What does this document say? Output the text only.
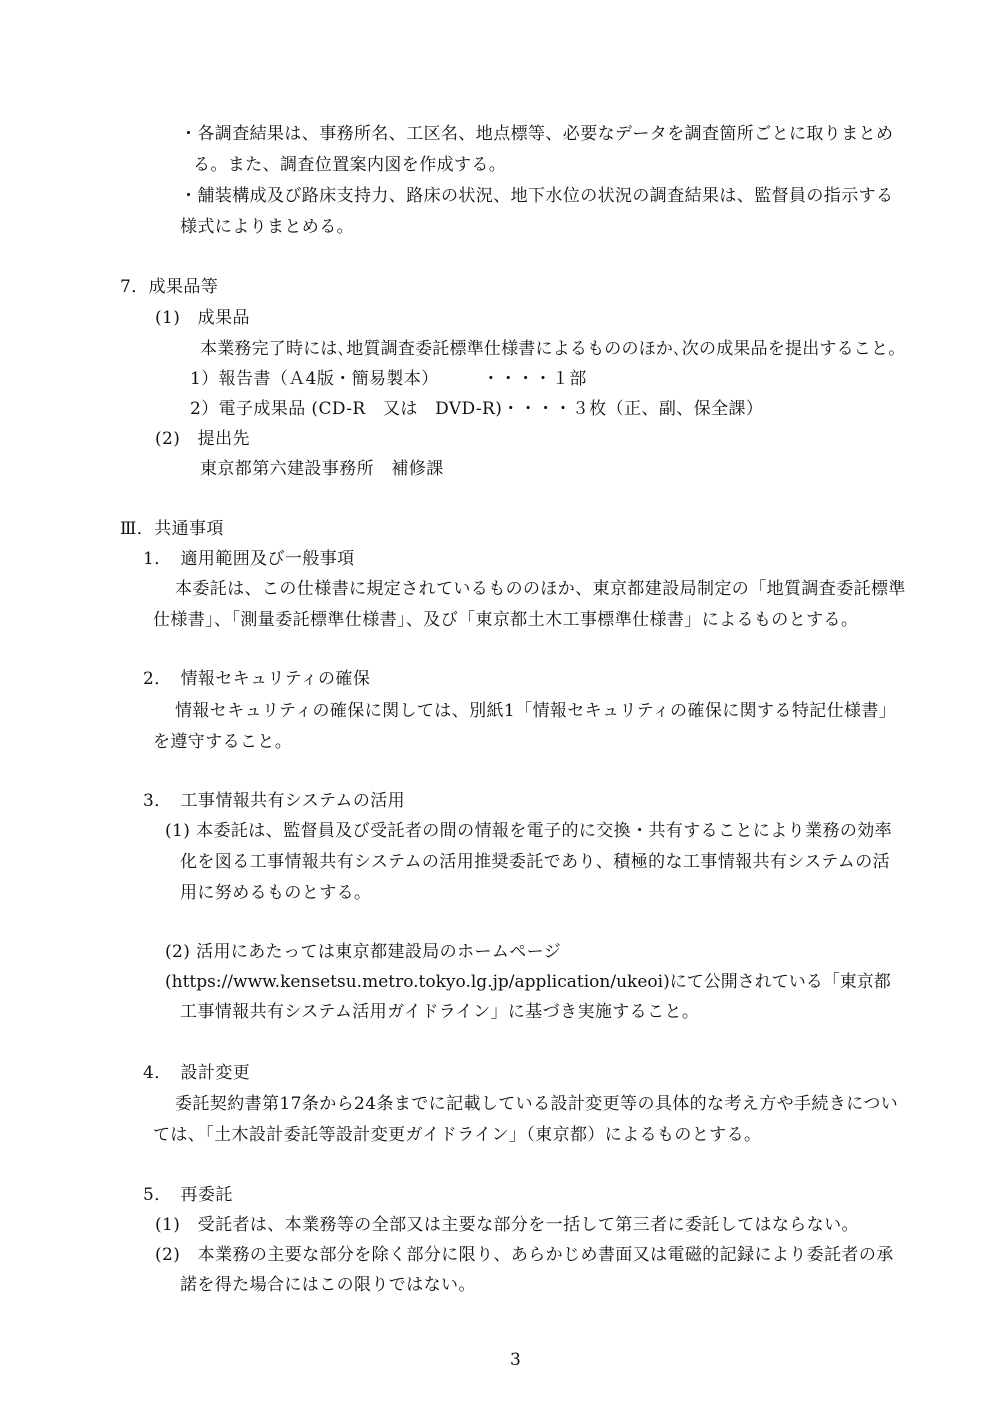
・各調査結果は、事務所名、工区名、地点標等、必要なデータを調査箇所ごとに取りまとめ
る。また、調査位置案内図を作成する。
・舗装構成及び路床支持力、路床の状況、地下水位の状況の調査結果は、監督員の指示する
様式によりまとめる。
7．成果品等
(1)　成果品
本業務完了時には､地質調査委託標準仕様書によるもののほか､次の成果品を提出すること。
1）報告書（Ａ4版・簡易製本）　　　・・・・１部
2）電子成果品 (CD-R　又は　DVD-R)・・・・３枚（正、副、保全課）
(2)　提出先
東京都第六建設事務所　補修課
Ⅲ．共通事項
1．　適用範囲及び一般事項
本委託は、この仕様書に規定されているもののほか、東京都建設局制定の「地質調査委託標準
仕様書」、「測量委託標準仕様書」、及び「東京都土木工事標準仕様書」によるものとする。
2．　情報セキュリティの確保
情報セキュリティの確保に関しては、別紙1「情報セキュリティの確保に関する特記仕様書」
を遵守すること。
3．　工事情報共有システムの活用
(1) 本委託は、監督員及び受託者の間の情報を電子的に交換・共有することにより業務の効率
化を図る工事情報共有システムの活用推奨委託であり、積極的な工事情報共有システムの活
用に努めるものとする。
(2) 活用にあたっては東京都建設局のホームページ
(https://www.kensetsu.metro.tokyo.lg.jp/application/ukeoi)にて公開されている「東京都
工事情報共有システム活用ガイドライン」に基づき実施すること。
4．　設計変更
委託契約書第17条から24条までに記載している設計変更等の具体的な考え方や手続きについ
ては、「土木設計委託等設計変更ガイドライン」（東京都）によるものとする。
5．　再委託
(1)　受託者は、本業務等の全部又は主要な部分を一括して第三者に委託してはならない。
(2)　本業務の主要な部分を除く部分に限り、あらかじめ書面又は電磁的記録により委託者の承
諾を得た場合にはこの限りではない。
3
